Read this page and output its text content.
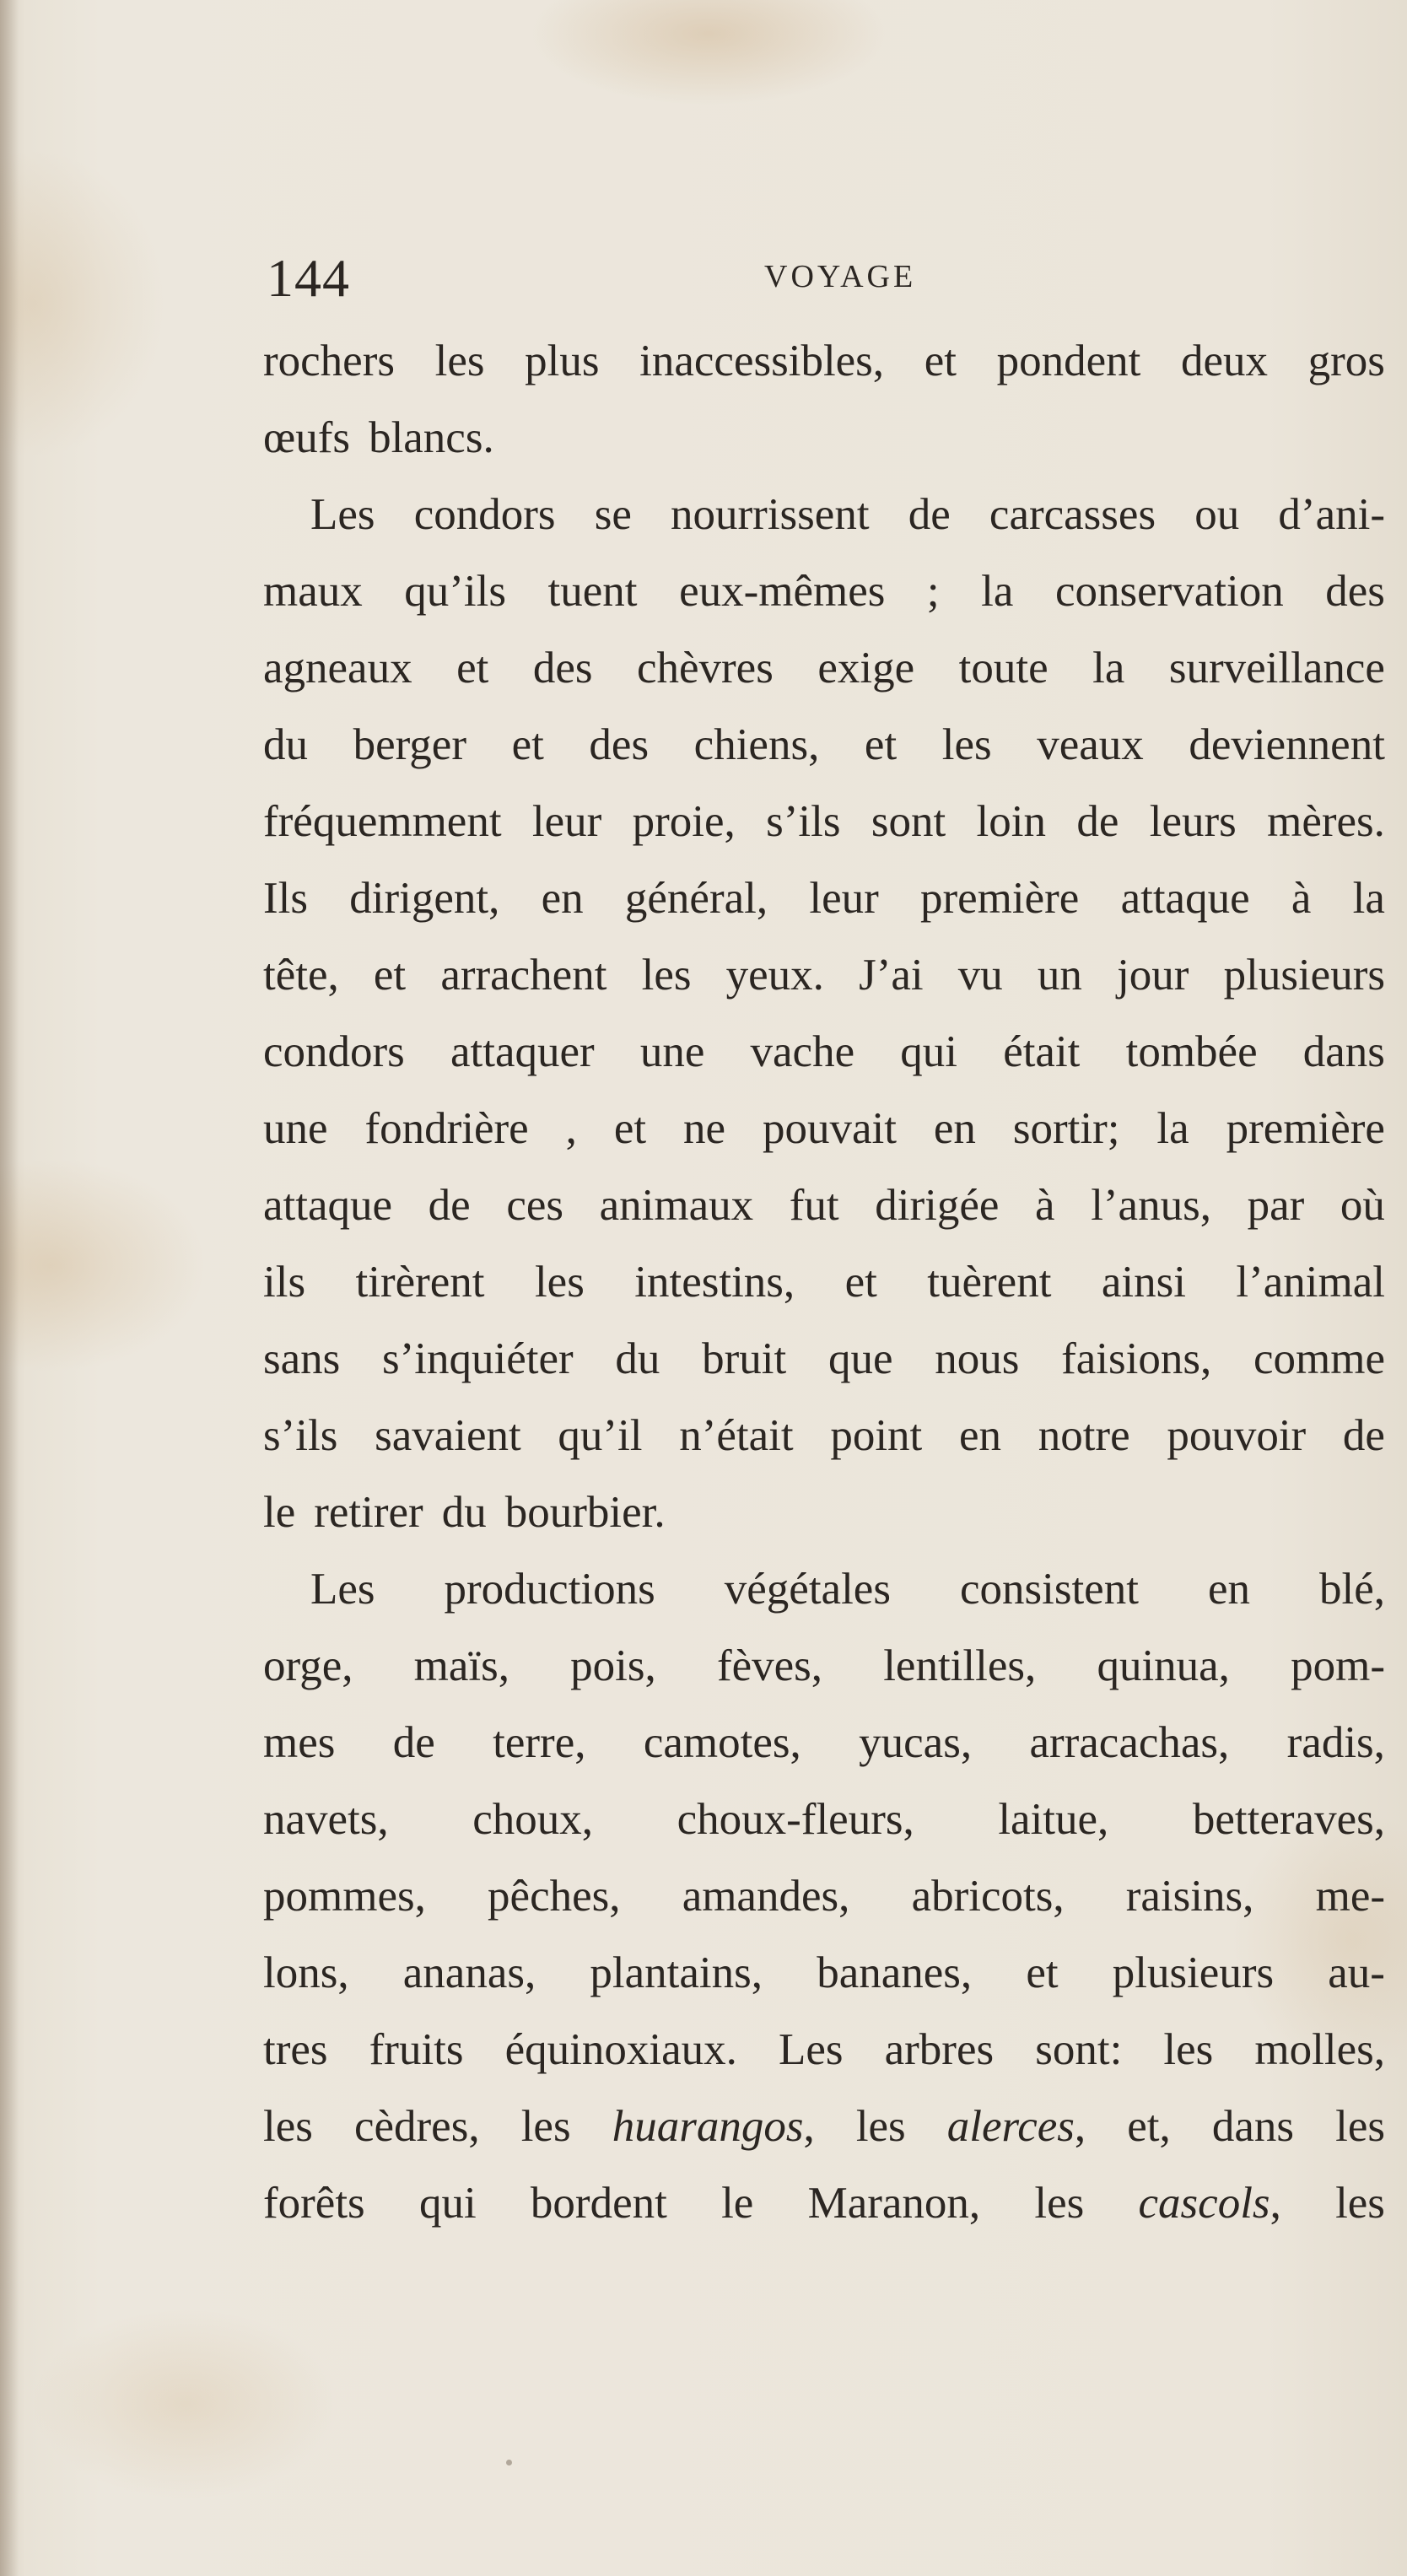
144	VOYAGE
rochers les plus inaccessibles, et pondent deux gros
œufs blancs.
Les condors se nourrissent de carcasses ou d’ani-
maux qu’ils tuent eux-mêmes ; la conservation des
agneaux et des chèvres exige toute la surveillance
du berger et des chiens, et les veaux deviennent
fréquemment leur proie, s’ils sont loin de leurs mères.
Ils dirigent, en général, leur première attaque à la
tête, et arrachent les yeux. J’ai vu un jour plusieurs
condors attaquer une vache qui était tombée dans
une fondrière , et ne pouvait en sortir; la première
attaque de ces animaux fut dirigée à l’anus, par où
ils tirèrent les intestins, et tuèrent ainsi l’animal
sans s’inquiéter du bruit que nous faisions, comme
s’ils savaient qu’il n’était point en notre pouvoir de
le retirer du bourbier.
Les productions végétales consistent en blé,
orge, maïs, pois, fèves, lentilles, quinua, pom-
mes de terre, camotes, yucas, arracachas, radis,
navets, choux, choux-fleurs, laitue, betteraves,
pommes, pêches, amandes, abricots, raisins, me-
lons, ananas, plantains, bananes, et plusieurs au-
tres fruits équinoxiaux. Les arbres sont: les molles,
les cèdres, les huarangos, les alerces, et, dans les
forêts qui bordent le Maranon, les cascols, les
